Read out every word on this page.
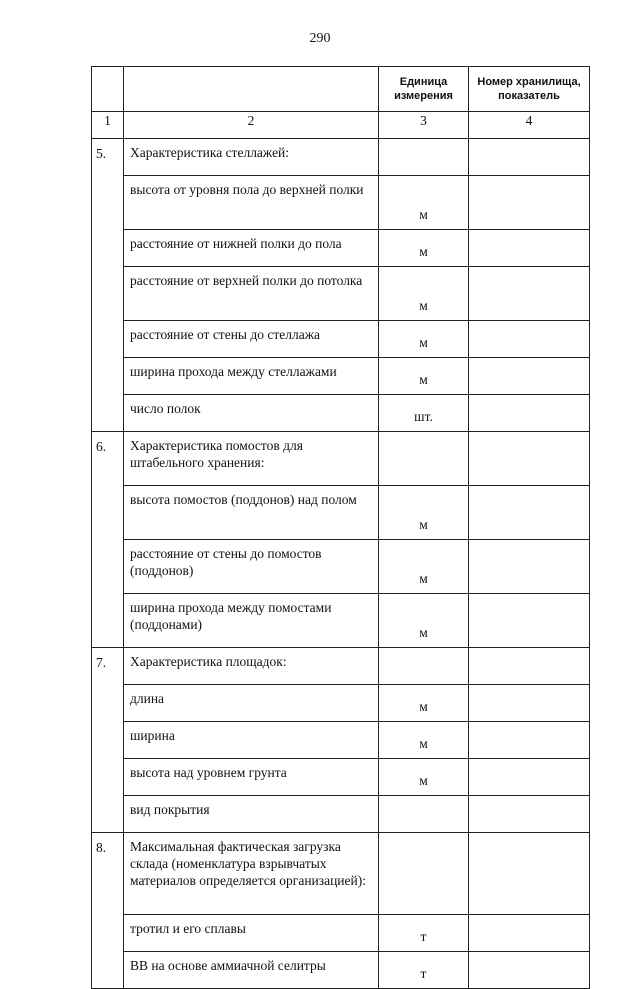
290
		Единица измерения	Номер хранилища, показатель
1	2	3	4
5.	Характеристика стеллажей:		
	высота от уровня пола до верхней полки	м	
	расстояние от нижней полки до пола	м	
	расстояние от верхней полки до потолка	м	
	расстояние от стены до стеллажа	м	
	ширина прохода между стеллажами	м	
	число полок	шт.	
6.	Характеристика помостов для штабельного хранения:		
	высота помостов (поддонов) над полом	м	
	расстояние от стены до помостов (поддонов)	м	
	ширина прохода между помостами (поддонами)	м	
7.	Характеристика площадок:		
	длина	м	
	ширина	м	
	высота над уровнем грунта	м	
	вид покрытия		
8.	Максимальная фактическая загрузка склада (номенклатура взрывчатых материалов определяется организацией):		
	тротил и его сплавы	т	
	ВВ на основе аммиачной селитры	т	
